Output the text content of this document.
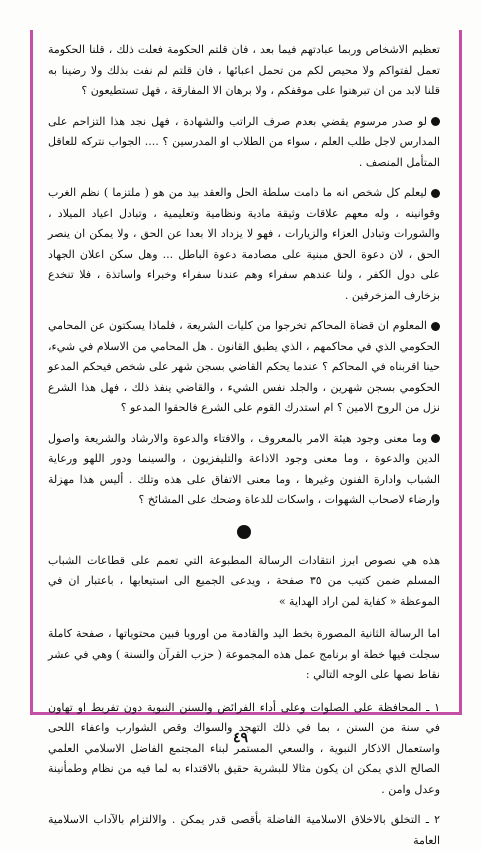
تعظيم الاشخاص وربما عبادتهم فيما بعد ، فان قلتم الحكومة فعلت ذلك ، قلنا الحكومة تعمل لفتواكم ولا محيص لكم من تحمل اعبائها ، فان قلتم لم نفت بذلك ولا رضينا به قلنا لابد من ان تبرهنوا على موقفكم ، ولا برهان الا المفارقة ، فهل تستطيعون ؟

لو صدر مرسوم يقضي بعدم صرف الراتب والشهادة ، فهل نجد هذا التزاحم على المدارس لاجل طلب العلم ، سواء من الطلاب او المدرسين ؟ .... الجواب نتركه للعاقل المتأمل المنصف .

ليعلم كل شخص انه ما دامت سلطة الحل والعقد بيد من هو ( ملتزما ) نظم الغرب وقوانينه ، وله معهم علاقات وثيقة مادية ونظامية وتعليمية ، وتبادل اعياد الميلاد ، والشورات وتبادل العزاء والزيارات ، فهو لا يزداد الا بعدا عن الحق ، ولا يمكن ان ينصر الحق ، لان دعوة الحق مبنية على مصادمة دعوة الباطل ... وهل سكن اعلان الجهاد على دول الكفر ، ولنا عندهم سفراء وهم عندنا سفراء وخبراء واساتذة ، فلا تنخدع بزخارف المزخرفين .

المعلوم ان قضاة المحاكم تخرجوا من كليات الشريعة ، فلماذا يسكتون عن المحامي الحكومي الذي في محاكمهم ، الذي يطبق القانون . هل المحامي من الاسلام في شيء، حينا اقربناه في المحاكم ؟ عندما يحكم القاضي بسجن شهر على شخص فيحكم المدعو الحكومي بسجن شهرين ، والجلد نفس الشيء ، والقاضي ينفذ ذلك ، فهل هذا الشرع نزل من الروح الامين ؟ ام استدرك القوم على الشرع فالحقوا المدعو ؟

وما معنى وجود هيئة الامر بالمعروف ، والافتاء والدعوة والارشاد والشريعة واصول الدين والدعوة ، وما معنى وجود الاذاعة والتليفزيون ، والسينما ودور اللهو ورعاية الشباب وادارة الفنون وغيرها ، وما معنى الاتفاق على هذه وتلك . أليس هذا مهزلة وارضاء لاصحاب الشهوات ، واسكات للدعاة وضحك على المشائخ ؟

هذه هي نصوص ابرز انتقادات الرسالة المطبوعة التي تعمم على قطاعات الشباب المسلم ضمن كتيب من ٣٥ صفحة ، ويدعى الجميع الى استيعابها ، باعتبار ان في الموعظة « كفاية لمن اراد الهداية »

اما الرسالة الثانية المصورة بخط اليد والقادمة من اوروبا فبين محتوياتها ، صفحة كاملة سجلت فيها خطة او برنامج عمل هذه المجموعة ( حزب القرآن والسنة ) وهي في عشر نقاط نصها على الوجه التالي :

١ ـ المحافظة على الصلوات وعلى أداء الفرائض والسنن النبوية دون تفريط او تهاون في سنة من السنن ، بما في ذلك التهجد والسواك وقص الشوارب واعفاء اللحى واستعمال الاذكار النبوية ، والسعي المستمر لبناء المجتمع الفاضل الاسلامي العلمي الصالح الذي يمكن ان يكون مثالا للبشرية حقيق بالاقتداء به لما فيه من نظام وطمأنينة وعدل وامن .

٢ ـ التخلق بالاخلاق الاسلامية الفاضلة بأقصى قدر يمكن . والالتزام بالآداب الاسلامية العامة

٤٩
